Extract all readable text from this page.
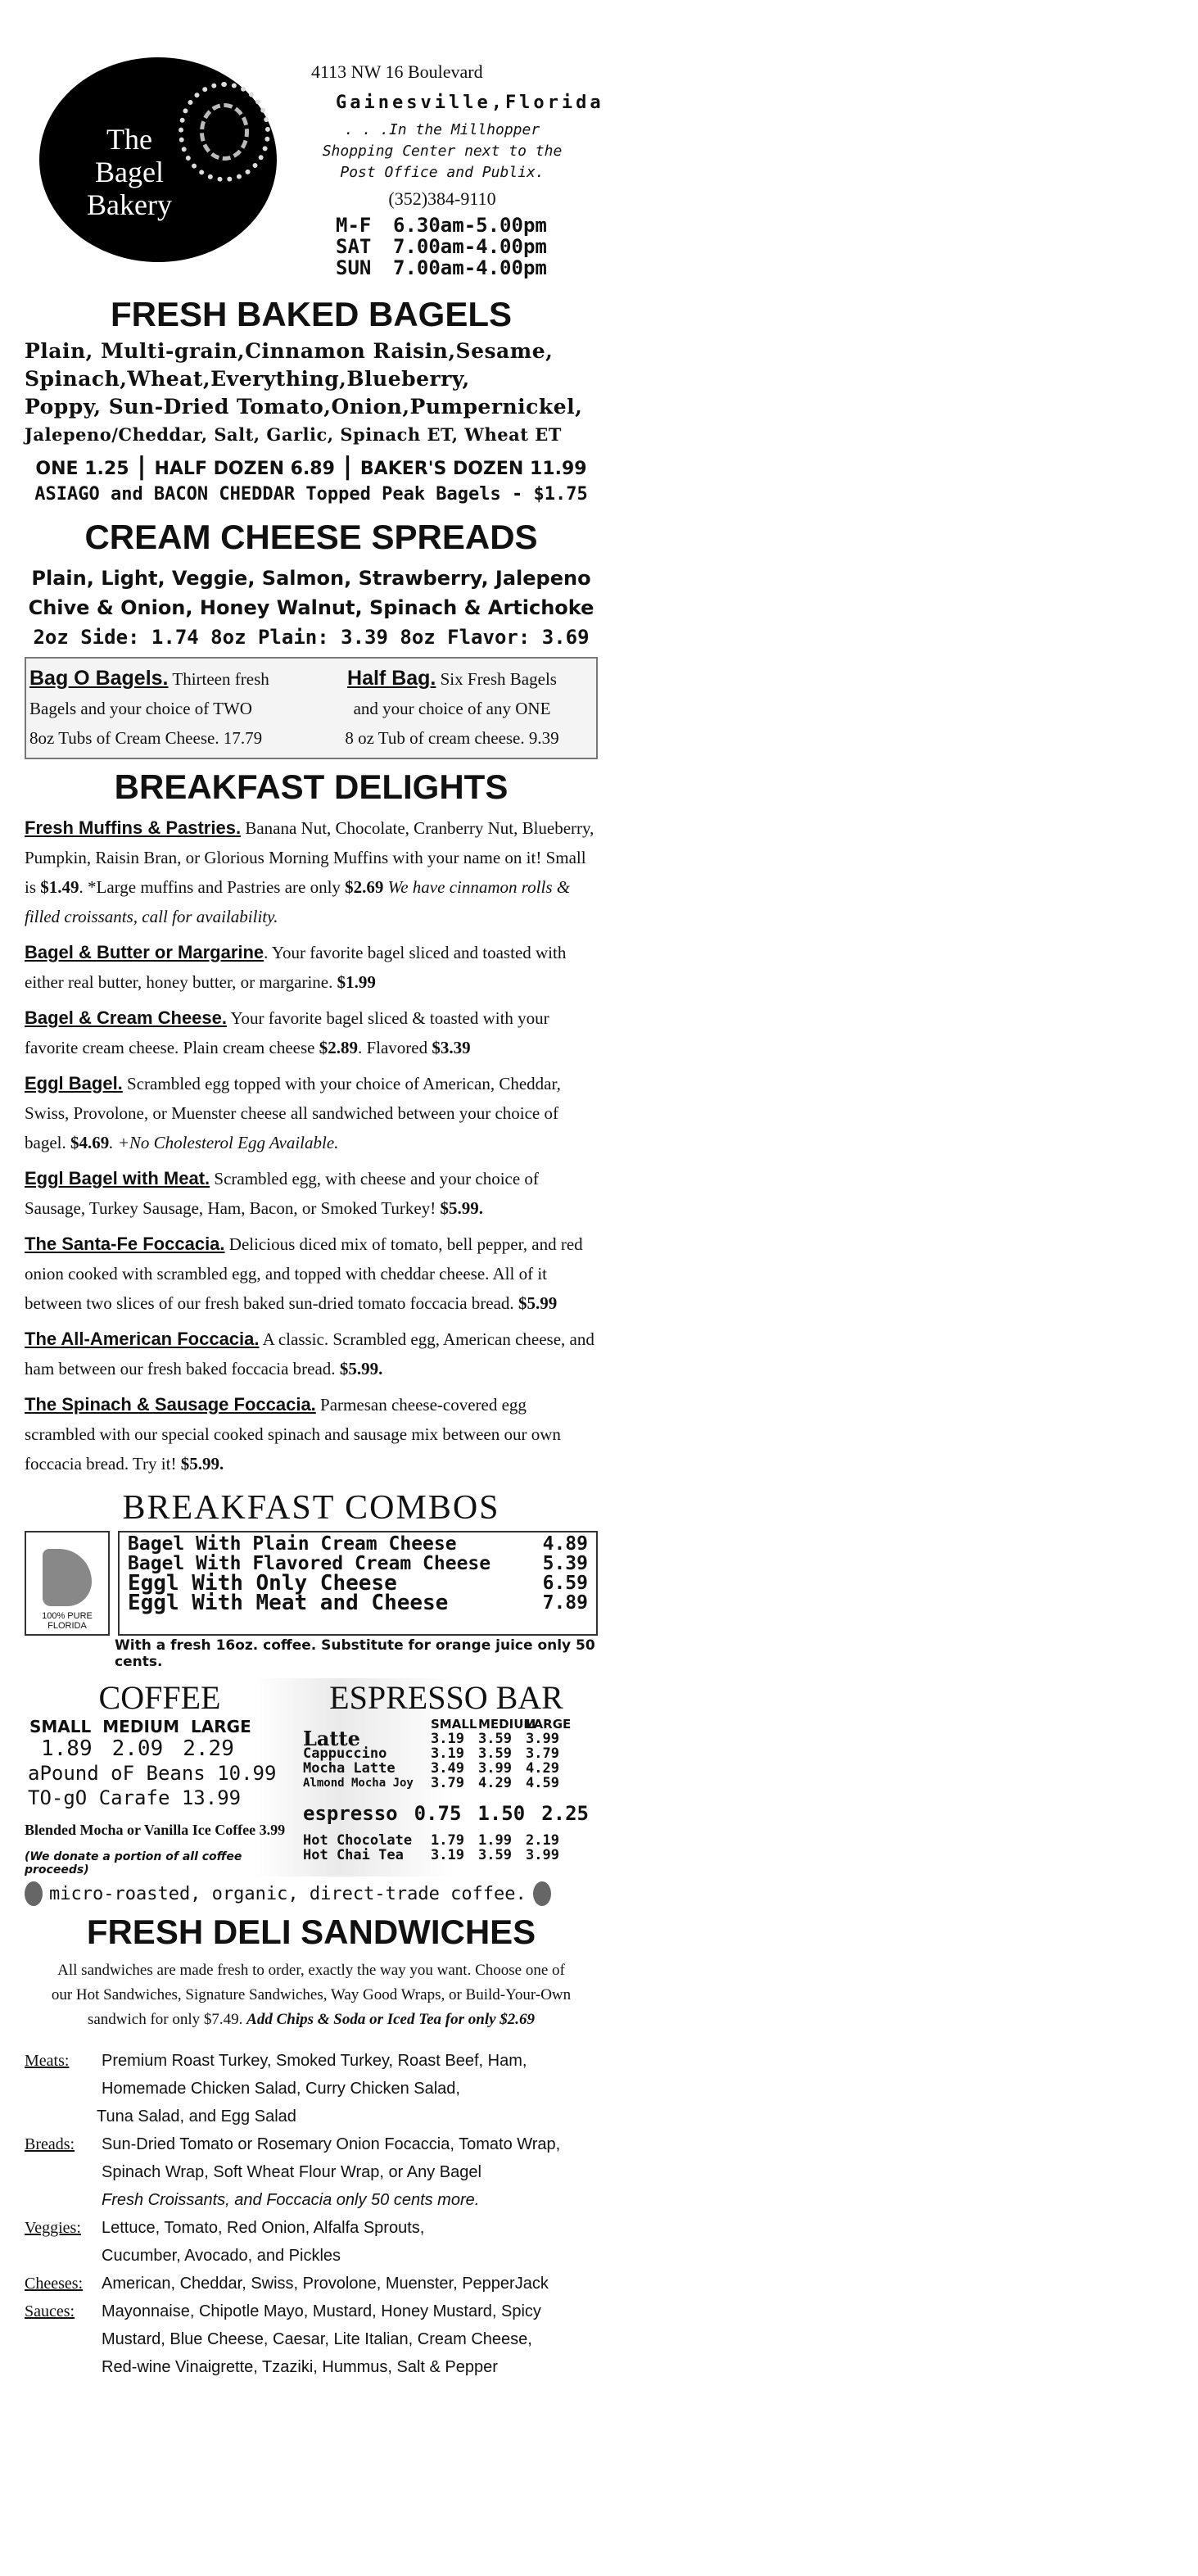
The
Bagel
Bakery
4113 NW 16 Boulevard
Gainesville,Florida
. . .In the Millhopper
Shopping Center next to the
Post Office and Publix.
(352)384-9110
M-F	6.30am-5.00pm
SAT	7.00am-4.00pm
SUN	7.00am-4.00pm
FRESH BAKED BAGELS
Plain, Multi-grain,Cinnamon Raisin,Sesame,
Spinach,Wheat,Everything,Blueberry,
Poppy, Sun-Dried Tomato,Onion,Pumpernickel,
Jalepeno/Cheddar, Salt, Garlic, Spinach ET, Wheat ET
ONE 1.25 | HALF DOZEN 6.89 | BAKER'S DOZEN 11.99
ASIAGO and BACON CHEDDAR Topped Peak Bagels - $1.75
CREAM CHEESE SPREADS
Plain, Light, Veggie, Salmon, Strawberry, Jalepeno
Chive & Onion, Honey Walnut, Spinach & Artichoke
2oz Side: 1.74 8oz Plain: 3.39 8oz Flavor: 3.69
Bag O Bagels. Thirteen fresh
Bagels and your choice of TWO
8oz Tubs of Cream Cheese. 17.79
Half Bag. Six Fresh Bagels
and your choice of any ONE
8 oz Tub of cream cheese. 9.39
BREAKFAST DELIGHTS
Fresh Muffins & Pastries. Banana Nut, Chocolate, Cranberry Nut, Blueberry, Pumpkin, Raisin Bran, or Glorious Morning Muffins with your name on it! Small is $1.49. *Large muffins and Pastries are only $2.69 We have cinnamon rolls & filled croissants, call for availability.
Bagel & Butter or Margarine. Your favorite bagel sliced and toasted with either real butter, honey butter, or margarine. $1.99
Bagel & Cream Cheese. Your favorite bagel sliced & toasted with your favorite cream cheese. Plain cream cheese $2.89. Flavored $3.39
Eggl Bagel. Scrambled egg topped with your choice of American, Cheddar, Swiss, Provolone, or Muenster cheese all sandwiched between your choice of bagel. $4.69. +No Cholesterol Egg Available.
Eggl Bagel with Meat. Scrambled egg, with cheese and your choice of Sausage, Turkey Sausage, Ham, Bacon, or Smoked Turkey! $5.99.
The Santa-Fe Foccacia. Delicious diced mix of tomato, bell pepper, and red onion cooked with scrambled egg, and topped with cheddar cheese. All of it between two slices of our fresh baked sun-dried tomato foccacia bread. $5.99
The All-American Foccacia. A classic. Scrambled egg, American cheese, and ham between our fresh baked foccacia bread. $5.99.
The Spinach & Sausage Foccacia. Parmesan cheese-covered egg scrambled with our special cooked spinach and sausage mix between our own foccacia bread. Try it! $5.99.
BREAKFAST COMBOS
100% PURE
FLORIDA
Bagel With Plain Cream Cheese	4.89
Bagel With Flavored Cream Cheese	5.39
Eggl With Only Cheese	6.59
Eggl With Meat and Cheese	7.89
With a fresh 16oz. coffee. Substitute for orange juice only 50 cents.
COFFEE
SMALL MEDIUM LARGE
1.89 2.09 2.29
aPound oF Beans 10.99
TO-gO Carafe 13.99
Blended Mocha or Vanilla Ice Coffee 3.99
(We donate a portion of all coffee proceeds)
ESPRESSO BAR
SMALL MEDIUM
LARGE
Latte	3.19	3.59	3.99
Cappuccino	3.19	3.59	3.79
Mocha Latte	3.49	3.99	4.29
Almond Mocha Joy	3.79	4.29	4.59
espresso 0.75 1.50 2.25
Hot Chocolate	1.79	1.99	2.19
Hot Chai Tea	3.19	3.59	3.99
micro-roasted, organic, direct-trade coffee.
FRESH DELI SANDWICHES
All sandwiches are made fresh to order, exactly the way you want. Choose one of
our Hot Sandwiches, Signature Sandwiches, Way Good Wraps, or Build-Your-Own
sandwich for only $7.49. Add Chips & Soda or Iced Tea for only $2.69
Meats:	Premium Roast Turkey, Smoked Turkey, Roast Beef, Ham,
Homemade Chicken Salad, Curry Chicken Salad,
Tuna Salad, and Egg Salad
Breads:	Sun-Dried Tomato or Rosemary Onion Focaccia, Tomato Wrap,
Spinach Wrap, Soft Wheat Flour Wrap, or Any Bagel
Fresh Croissants, and Foccacia only 50 cents more.
Veggies:	Lettuce, Tomato, Red Onion, Alfalfa Sprouts,
Cucumber, Avocado, and Pickles
Cheeses:	American, Cheddar, Swiss, Provolone, Muenster, PepperJack
Sauces:	Mayonnaise, Chipotle Mayo, Mustard, Honey Mustard, Spicy
Mustard, Blue Cheese, Caesar, Lite Italian, Cream Cheese,
Red-wine Vinaigrette, Tzaziki, Hummus, Salt & Pepper
